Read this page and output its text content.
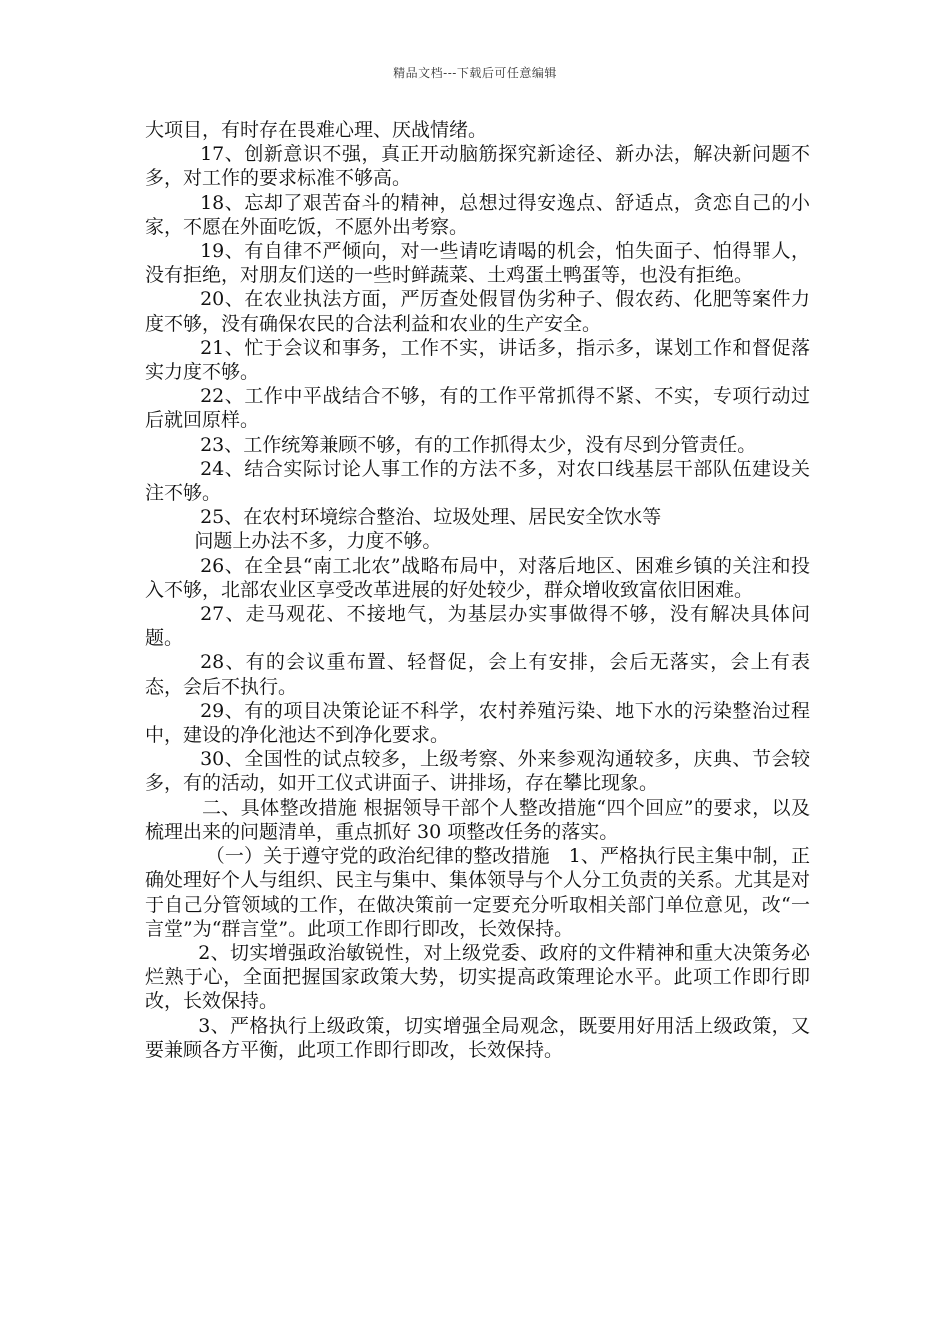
精品文档---下载后可任意编辑

大项目，有时存在畏难心理、厌战情绪。

17、创新意识不强，真正开动脑筋探究新途径、新办法，解决新问题不多，对工作的要求标准不够高。

18、忘却了艰苦奋斗的精神，总想过得安逸点、舒适点，贪恋自己的小家，不愿在外面吃饭，不愿外出考察。

19、有自律不严倾向，对一些请吃请喝的机会，怕失面子、怕得罪人，没有拒绝，对朋友们送的一些时鲜蔬菜、土鸡蛋土鸭蛋等，也没有拒绝。

20、在农业执法方面，严厉查处假冒伪劣种子、假农药、化肥等案件力度不够，没有确保农民的合法利益和农业的生产安全。

21、忙于会议和事务，工作不实，讲话多，指示多，谋划工作和督促落实力度不够。

22、工作中平战结合不够，有的工作平常抓得不紧、不实，专项行动过后就回原样。

23、工作统筹兼顾不够，有的工作抓得太少，没有尽到分管责任。

24、结合实际讨论人事工作的方法不多，对农口线基层干部队伍建设关注不够。

25、在农村环境综合整治、垃圾处理、居民安全饮水等

问题上办法不多，力度不够。

26、在全县“南工北农”战略布局中，对落后地区、困难乡镇的关注和投入不够，北部农业区享受改革进展的好处较少，群众增收致富依旧困难。

27、走马观花、不接地气，为基层办实事做得不够，没有解决具体问题。

28、有的会议重布置、轻督促，会上有安排，会后无落实，会上有表态，会后不执行。

29、有的项目决策论证不科学，农村养殖污染、地下水的污染整治过程中，建设的净化池达不到净化要求。

30、全国性的试点较多，上级考察、外来参观沟通较多，庆典、节会较多，有的活动，如开工仪式讲面子、讲排场，存在攀比现象。

二、具体整改措施 根据领导干部个人整改措施“四个回应”的要求，以及梳理出来的问题清单，重点抓好 30 项整改任务的落实。

（一）关于遵守党的政治纪律的整改措施　1、严格执行民主集中制，正确处理好个人与组织、民主与集中、集体领导与个人分工负责的关系。尤其是对于自己分管领域的工作，在做决策前一定要充分听取相关部门单位意见，改“一言堂”为“群言堂”。此项工作即行即改，长效保持。

2、切实增强政治敏锐性，对上级党委、政府的文件精神和重大决策务必烂熟于心，全面把握国家政策大势，切实提高政策理论水平。此项工作即行即改，长效保持。

3、严格执行上级政策，切实增强全局观念，既要用好用活上级政策，又要兼顾各方平衡，此项工作即行即改，长效保持。
